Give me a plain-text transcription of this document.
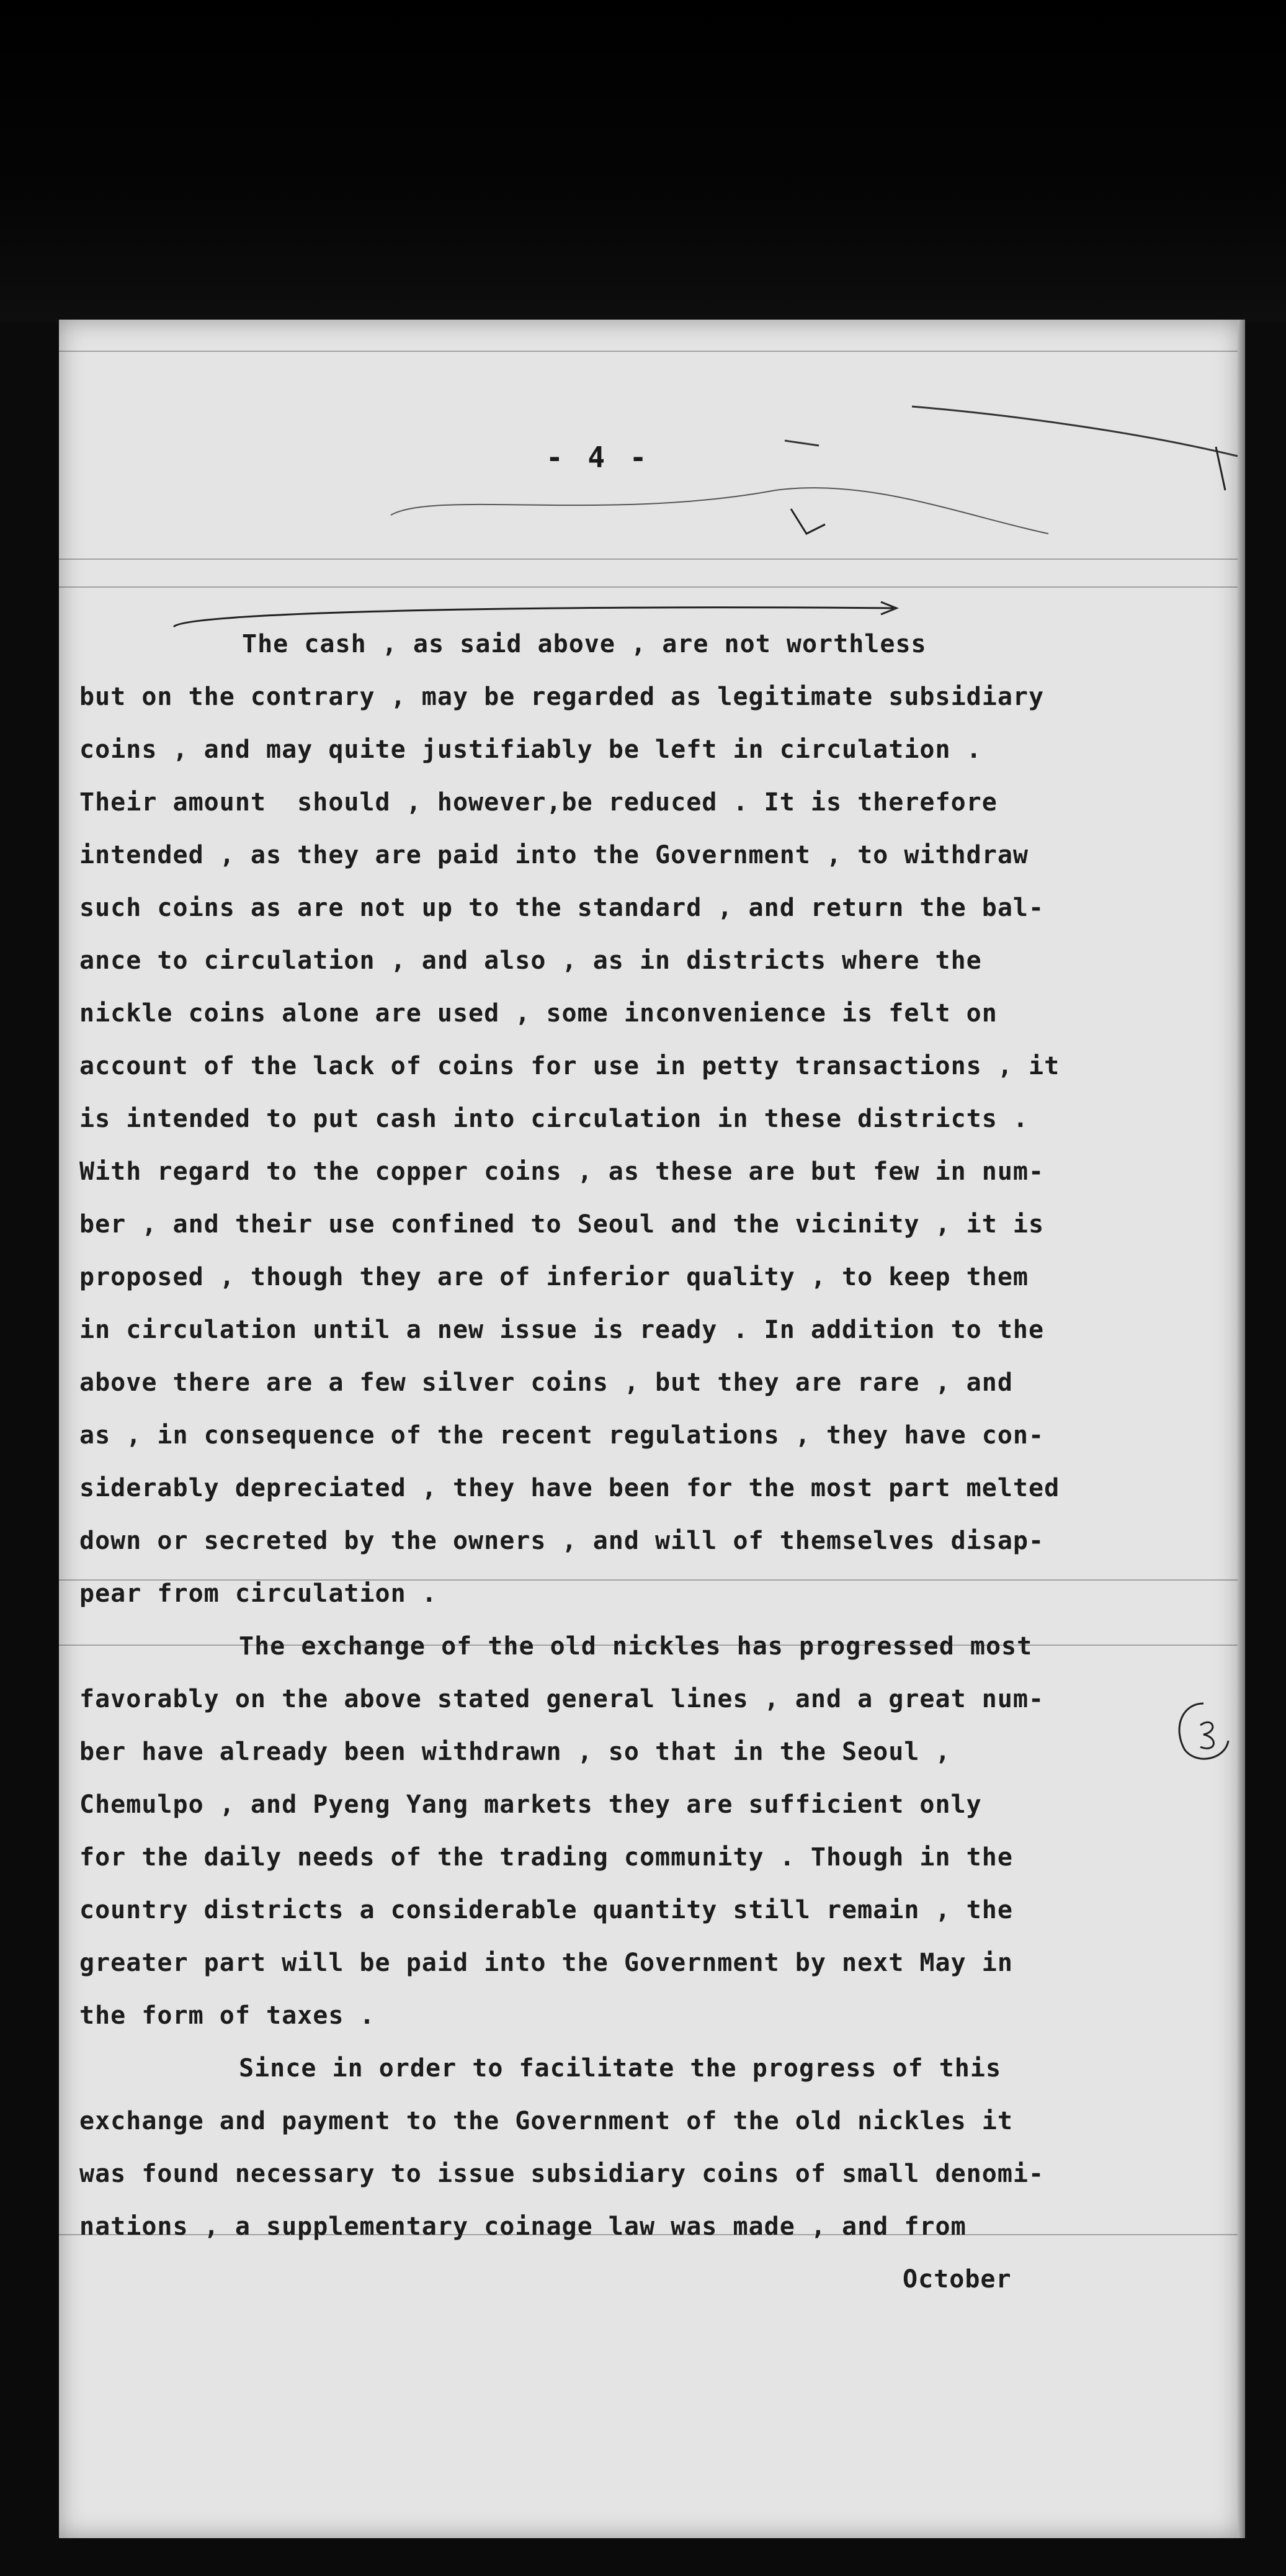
- 4 -
The cash , as said above , are not worthless
but on the contrary , may be regarded as legitimate subsidiary
coins , and may quite justifiably be left in circulation .
Their amount  should , however,be reduced . It is therefore
intended , as they are paid into the Government , to withdraw
such coins as are not up to the standard , and return the bal-
ance to circulation , and also , as in districts where the
nickle coins alone are used , some inconvenience is felt on
account of the lack of coins for use in petty transactions , it
is intended to put cash into circulation in these districts .
With regard to the copper coins , as these are but few in num-
ber , and their use confined to Seoul and the vicinity , it is
proposed , though they are of inferior quality , to keep them
in circulation until a new issue is ready . In addition to the
above there are a few silver coins , but they are rare , and
as , in consequence of the recent regulations , they have con-
siderably depreciated , they have been for the most part melted
down or secreted by the owners , and will of themselves disap-
pear from circulation .
The exchange of the old nickles has progressed most
favorably on the above stated general lines , and a great num-
ber have already been withdrawn , so that in the Seoul ,
Chemulpo , and Pyeng Yang markets they are sufficient only
for the daily needs of the trading community . Though in the
country districts a considerable quantity still remain , the
greater part will be paid into the Government by next May in
the form of taxes .
Since in order to facilitate the progress of this
exchange and payment to the Government of the old nickles it
was found necessary to issue subsidiary coins of small denomi-
nations , a supplementary coinage law was made , and from
October
